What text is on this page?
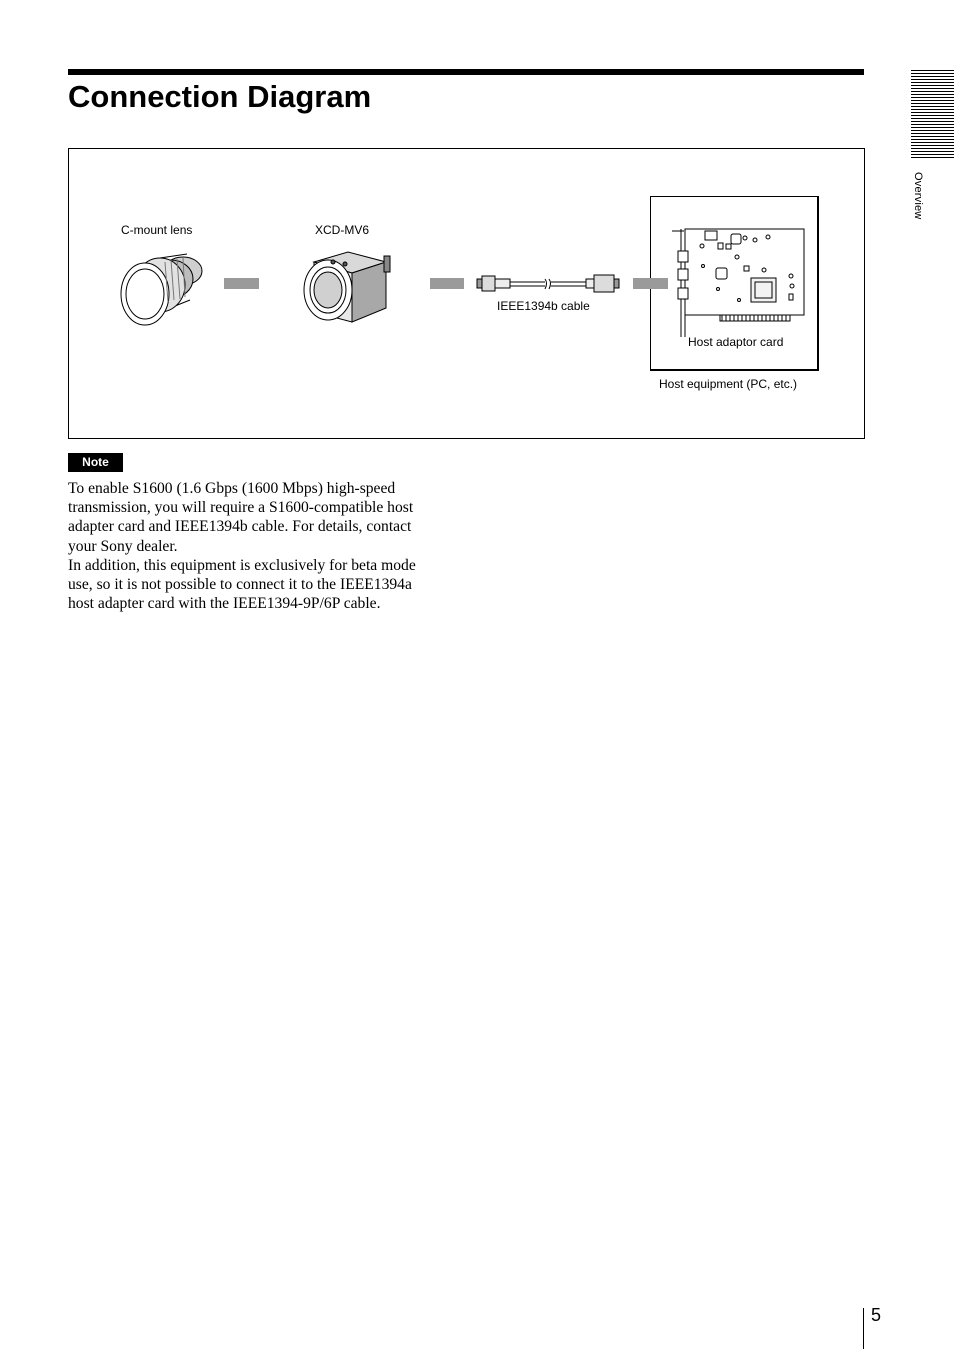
Connection Diagram
Overview
C-mount lens	XCD-MV6
IEEE1394b cable
Host adaptor card
Host equipment (PC, etc.)
Note

To enable S1600 (1.6 Gbps (1600 Mbps) high-speed transmission, you will require a S1600-compatible host adapter card and IEEE1394b cable. For details, contact your Sony dealer.

In addition, this equipment is exclusively for beta mode use, so it is not possible to connect it to the IEEE1394a host adapter card with the IEEE1394-9P/6P cable.

5
